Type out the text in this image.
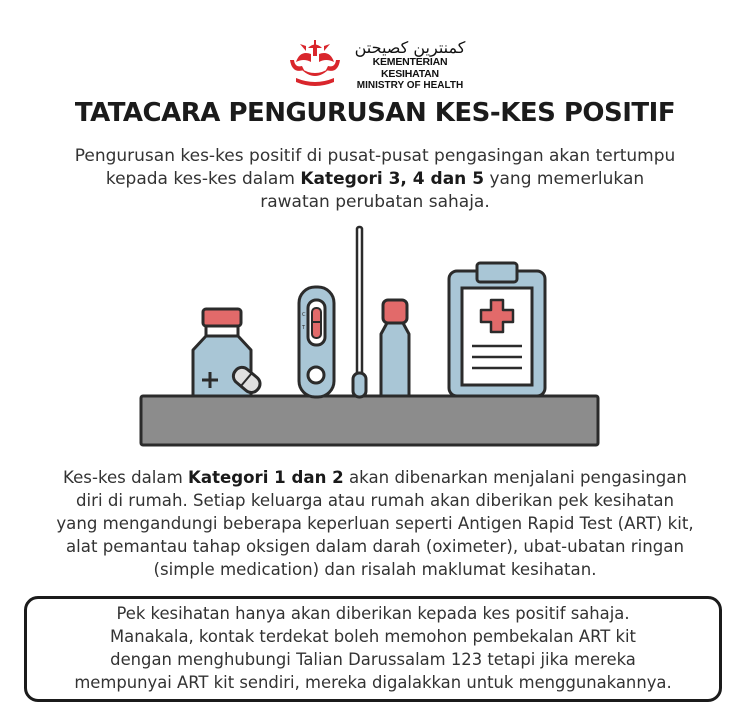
كمنترين كصيحتن
KEMENTERIAN KESIHATAN
MINISTRY OF HEALTH
TATACARA PENGURUSAN KES-KES POSITIF

Pengurusan kes-kes positif di pusat-pusat pengasingan akan tertumpu
kepada kes-kes dalam Kategori 3, 4 dan 5 yang memerlukan
rawatan perubatan sahaja.

C
T

Kes-kes dalam Kategori 1 dan 2 akan dibenarkan menjalani pengasingan
diri di rumah. Setiap keluarga atau rumah akan diberikan pek kesihatan
yang mengandungi beberapa keperluan seperti Antigen Rapid Test (ART) kit,
alat pemantau tahap oksigen dalam darah (oximeter), ubat-ubatan ringan
(simple medication) dan risalah maklumat kesihatan.

Pek kesihatan hanya akan diberikan kepada kes positif sahaja.
Manakala, kontak terdekat boleh memohon pembekalan ART kit
dengan menghubungi Talian Darussalam 123 tetapi jika mereka
mempunyai ART kit sendiri, mereka digalakkan untuk menggunakannya.
